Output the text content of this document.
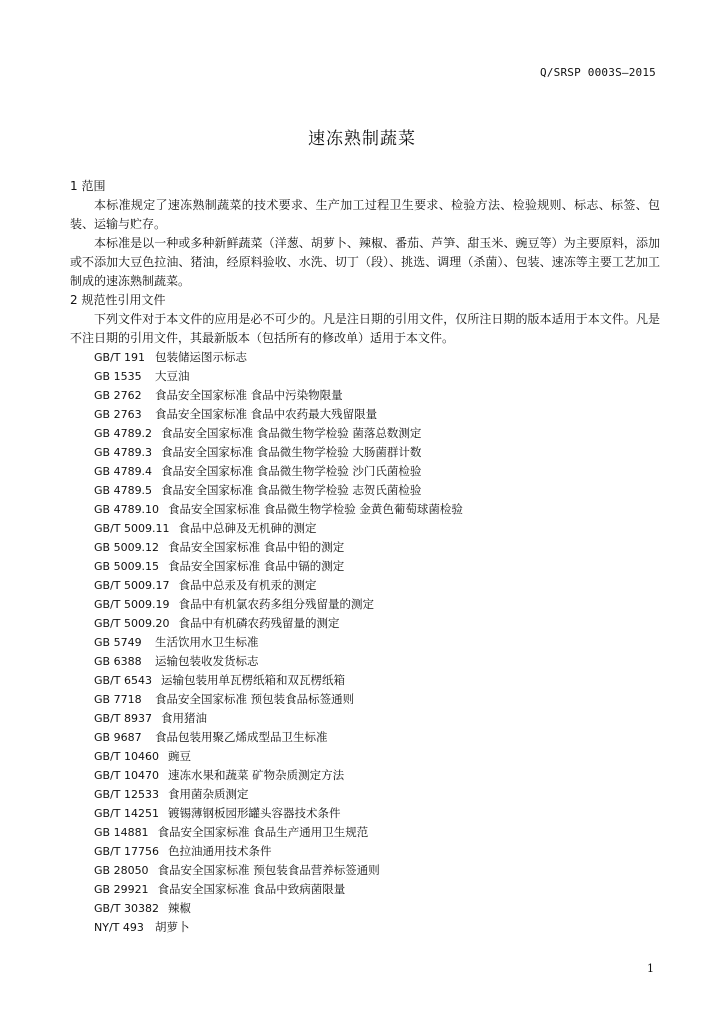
Q/SRSP 0003S—2015
速冻熟制蔬菜

1 范围

本标准规定了速冻熟制蔬菜的技术要求、生产加工过程卫生要求、检验方法、检验规则、标志、标签、包装、运输与贮存。

本标准是以一种或多种新鲜蔬菜（洋葱、胡萝卜、辣椒、番茄、芦笋、甜玉米、豌豆等）为主要原料，添加或不添加大豆色拉油、猪油，经原料验收、水洗、切丁（段）、挑选、调理（杀菌）、包装、速冻等主要工艺加工制成的速冻熟制蔬菜。

2 规范性引用文件

下列文件对于本文件的应用是必不可少的。凡是注日期的引用文件，仅所注日期的版本适用于本文件。凡是不注日期的引用文件，其最新版本（包括所有的修改单）适用于本文件。

GB/T 191 包装储运图示标志
GB 1535 大豆油
GB 2762 食品安全国家标准 食品中污染物限量
GB 2763 食品安全国家标准 食品中农药最大残留限量
GB 4789.2 食品安全国家标准 食品微生物学检验 菌落总数测定
GB 4789.3 食品安全国家标准 食品微生物学检验 大肠菌群计数
GB 4789.4 食品安全国家标准 食品微生物学检验 沙门氏菌检验
GB 4789.5 食品安全国家标准 食品微生物学检验 志贺氏菌检验
GB 4789.10 食品安全国家标准 食品微生物学检验 金黄色葡萄球菌检验
GB/T 5009.11 食品中总砷及无机砷的测定
GB 5009.12 食品安全国家标准 食品中铅的测定
GB 5009.15 食品安全国家标准 食品中镉的测定
GB/T 5009.17 食品中总汞及有机汞的测定
GB/T 5009.19 食品中有机氯农药多组分残留量的测定
GB/T 5009.20 食品中有机磷农药残留量的测定
GB 5749 生活饮用水卫生标准
GB 6388 运输包装收发货标志
GB/T 6543 运输包装用单瓦楞纸箱和双瓦楞纸箱
GB 7718 食品安全国家标准 预包装食品标签通则
GB/T 8937 食用猪油
GB 9687 食品包装用聚乙烯成型品卫生标准
GB/T 10460 豌豆
GB/T 10470 速冻水果和蔬菜 矿物杂质测定方法
GB/T 12533 食用菌杂质测定
GB/T 14251 镀锡薄钢板园形罐头容器技术条件
GB 14881 食品安全国家标准 食品生产通用卫生规范
GB/T 17756 色拉油通用技术条件
GB 28050 食品安全国家标准 预包装食品营养标签通则
GB 29921 食品安全国家标准 食品中致病菌限量
GB/T 30382 辣椒
NY/T 493 胡萝卜
1
